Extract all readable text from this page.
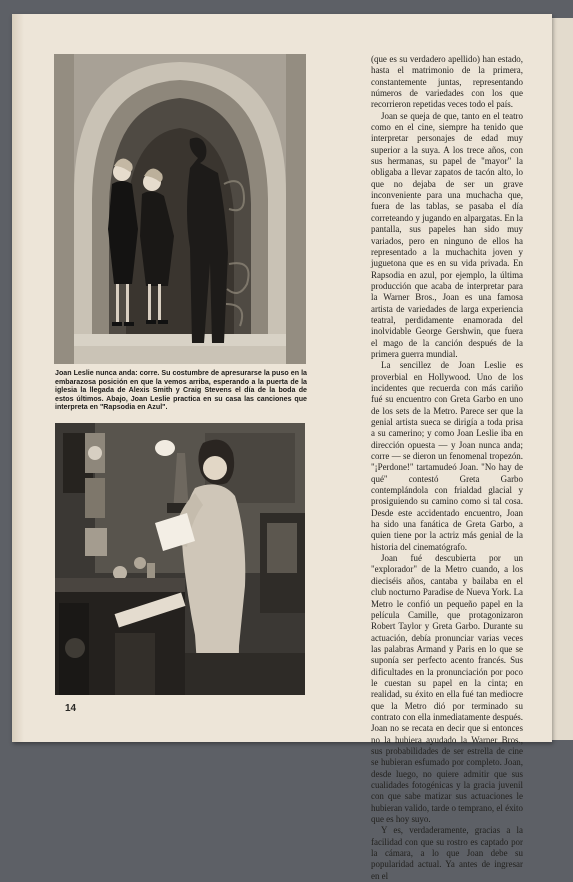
Joan Leslie nunca anda: corre. Su costumbre de apresurarse la puso en la embarazosa posición en que la vemos arriba, esperando a la puerta de la iglesia la llegada de Alexis Smith y Craig Stevens el día de la boda de estos últimos. Abajo, Joan Leslie practica en su casa las canciones que interpreta en "Rapsodia en Azul".

(que es su verdadero apellido) han estado, hasta el matrimonio de la primera, constantemente juntas, representando números de variedades con los que recorrieron repetidas veces todo el país.

Joan se queja de que, tanto en el teatro como en el cine, siempre ha tenido que interpretar personajes de edad muy superior a la suya. A los trece años, con sus hermanas, su papel de "mayor" la obligaba a llevar zapatos de tacón alto, lo que no dejaba de ser un grave inconveniente para una muchacha que, fuera de las tablas, se pasaba el día correteando y jugando en alpargatas. En la pantalla, sus papeles han sido muy variados, pero en ninguno de ellos ha representado a la muchachita joven y juguetona que es en su vida privada. En Rapsodia en azul, por ejemplo, la última producción que acaba de interpretar para la Warner Bros., Joan es una famosa artista de variedades de larga experiencia teatral, perdidamente enamorada del inolvidable George Gershwin, que fuera el mago de la canción después de la primera guerra mundial.

La sencillez de Joan Leslie es proverbial en Hollywood. Uno de los incidentes que recuerda con más cariño fué su encuentro con Greta Garbo en uno de los sets de la Metro. Parece ser que la genial artista sueca se dirigía a toda prisa a su camerino; y como Joan Leslie iba en dirección opuesta — y Joan nunca anda; corre — se dieron un fenomenal tropezón. "¡Perdone!" tartamudeó Joan. "No hay de qué" contestó Greta Garbo contemplándola con frialdad glacial y prosiguiendo su camino como si tal cosa. Desde este accidentado encuentro, Joan ha sido una fanática de Greta Garbo, a quien tiene por la actriz más genial de la historia del cinematógrafo.

Joan fué descubierta por un "explorador" de la Metro cuando, a los dieciséis años, cantaba y bailaba en el club nocturno Paradise de Nueva York. La Metro le confió un pequeño papel en la película Camille, que protagonizaron Robert Taylor y Greta Garbo. Durante su actuación, debía pronunciar varias veces las palabras Armand y Paris en lo que se suponía ser perfecto acento francés. Sus dificultades en la pronunciación por poco le cuestan su papel en la cinta; en realidad, su éxito en ella fué tan mediocre que la Metro dió por terminado su contrato con ella inmediatamente después. Joan no se recata en decir que si entonces no la hubiera ayudado la Warner Bros., sus probabilidades de ser estrella de cine se hubieran esfumado por completo. Joan, desde luego, no quiere admitir que sus cualidades fotogénicas y la gracia juvenil con que sabe matizar sus actuaciones le hubieran valido, tarde o temprano, el éxito que es hoy suyo.

Y es, verdaderamente, gracias a la facilidad con que su rostro es captado por la cámara, a lo que Joan debe su popularidad actual. Ya antes de ingresar en el

14
